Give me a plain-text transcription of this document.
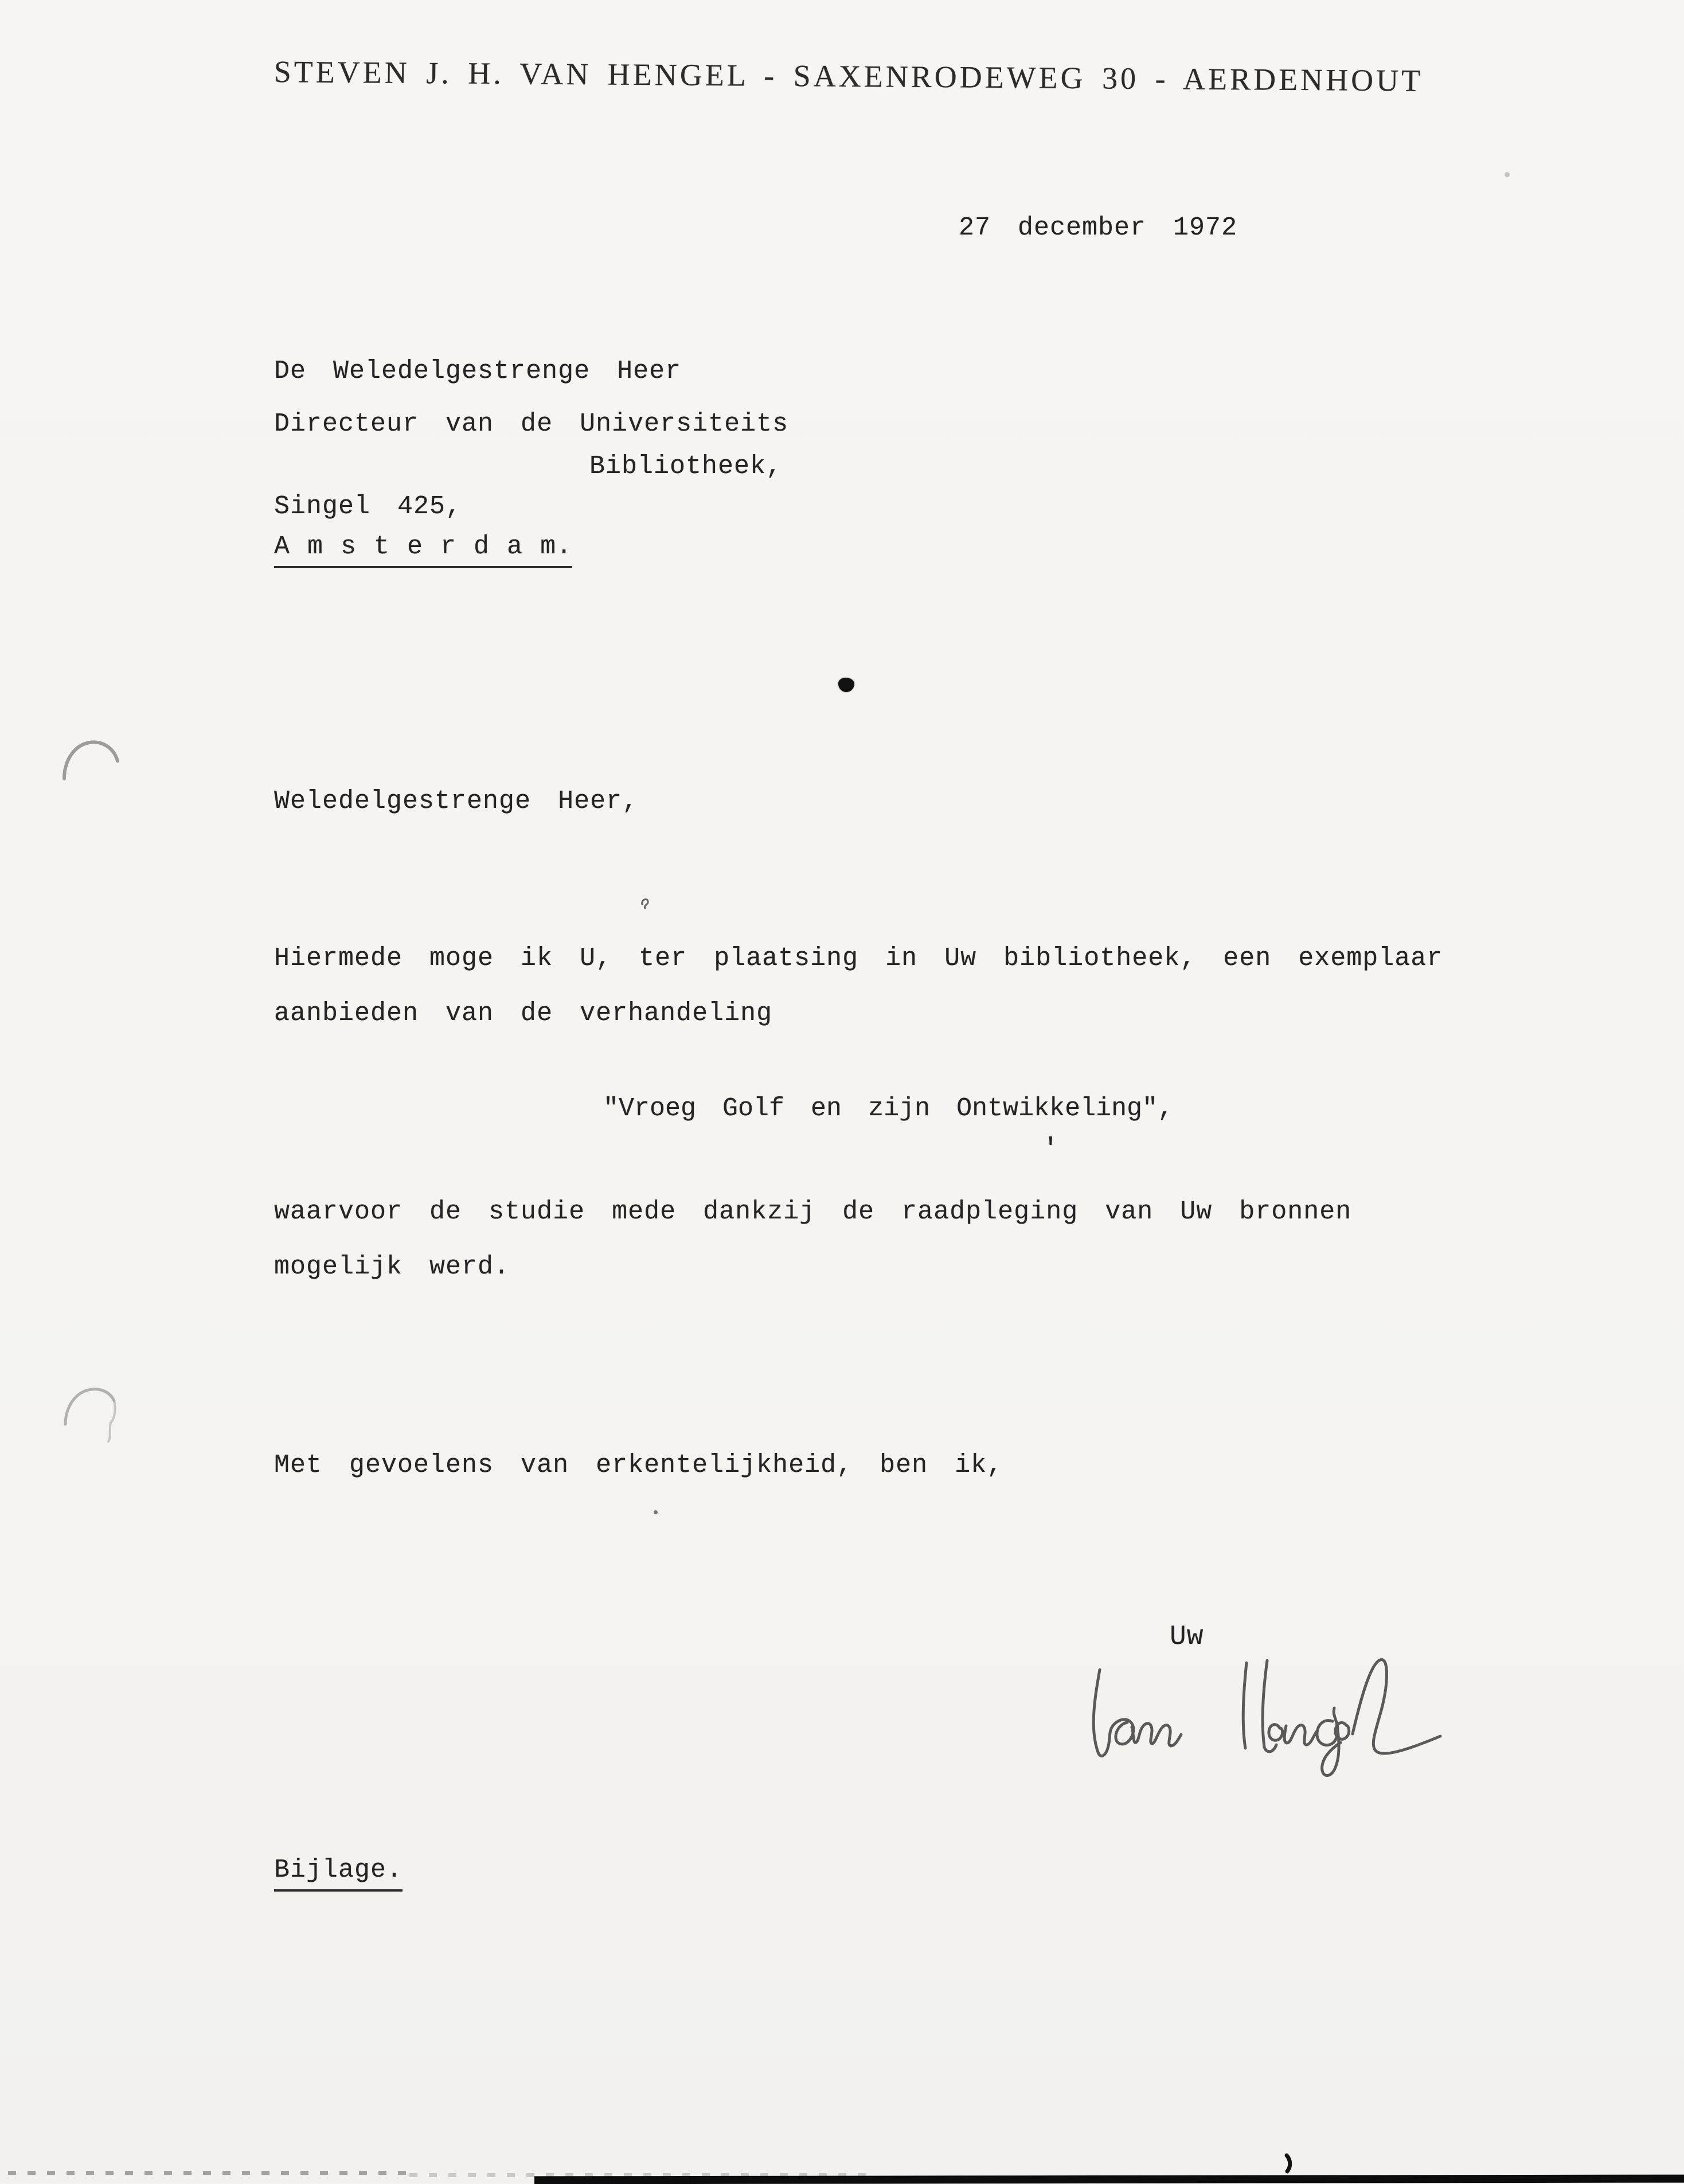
STEVEN J. H. VAN HENGEL - SAXENRODEWEG 30 - AERDENHOUT
27 december 1972
De Weledelgestrenge Heer
Directeur van de Universiteits
Bibliotheek,
Singel 425,
A m s t e r d a m.
Weledelgestrenge Heer,
Hiermede moge ik U, ter plaatsing in Uw bibliotheek, een exemplaar
aanbieden van de verhandeling
"Vroeg Golf en zijn Ontwikkeling",
'
waarvoor de studie mede dankzij de raadpleging van Uw bronnen
mogelijk werd.
Met gevoelens van erkentelijkheid, ben ik,
Uw
Bijlage.
